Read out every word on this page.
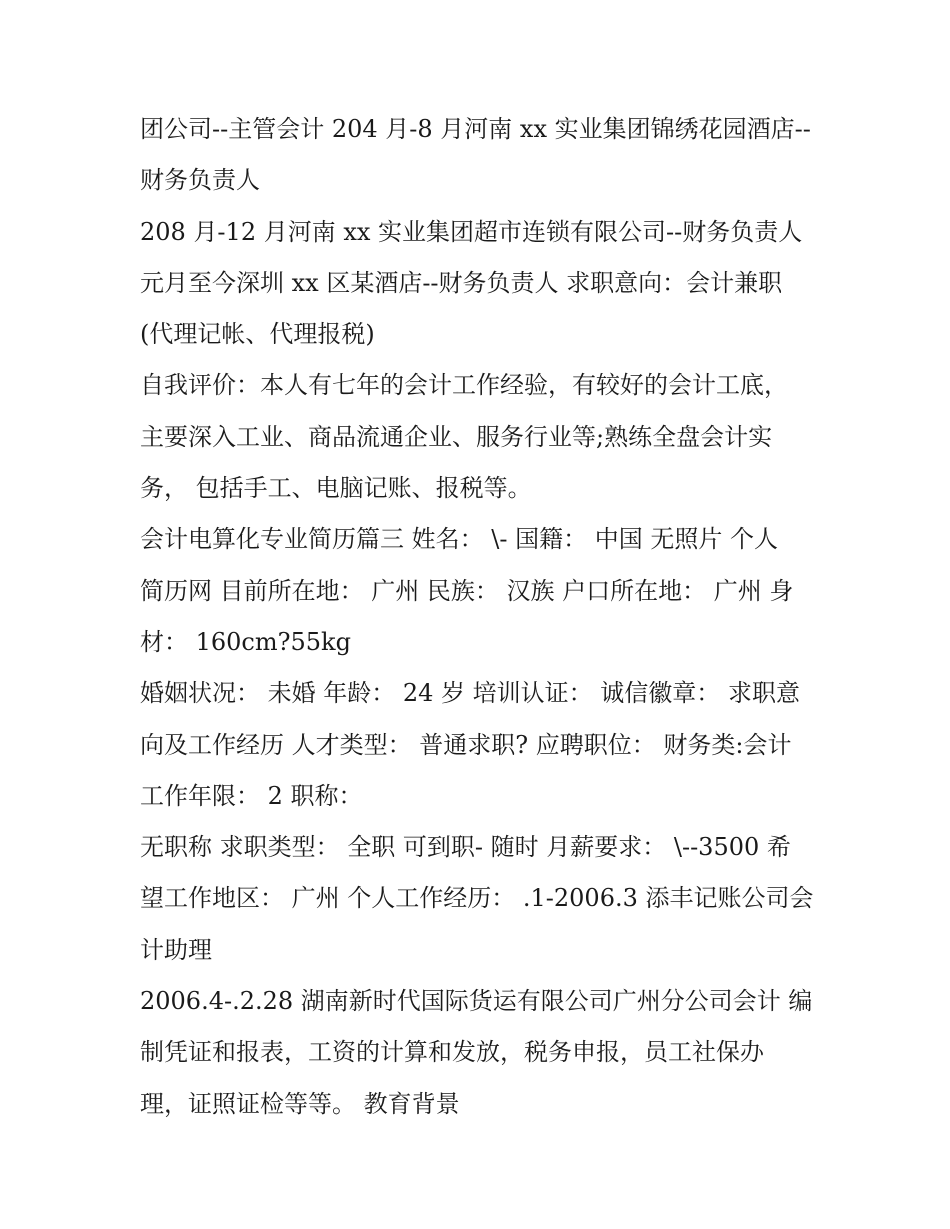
团公司--主管会计 204 月-8 月河南 xx 实业集团锦绣花园酒店--
财务负责人
208 月-12 月河南 xx 实业集团超市连锁有限公司--财务负责人
元月至今深圳 xx 区某酒店--财务负责人 求职意向：会计兼职
(代理记帐、代理报税)
自我评价：本人有七年的会计工作经验，有较好的会计工底，
主要深入工业、商品流通企业、服务行业等;熟练全盘会计实
务， 包括手工、电脑记账、报税等。
会计电算化专业简历篇三 姓名： \- 国籍： 中国 无照片 个人
简历网 目前所在地： 广州 民族： 汉族 户口所在地： 广州 身
材： 160cm?55kg
婚姻状况： 未婚 年龄： 24 岁 培训认证： 诚信徽章： 求职意
向及工作经历 人才类型： 普通求职? 应聘职位： 财务类:会计
工作年限： 2 职称：
无职称 求职类型： 全职 可到职- 随时 月薪要求： \--3500 希
望工作地区： 广州 个人工作经历： .1-2006.3 添丰记账公司会
计助理
2006.4-.2.28 湖南新时代国际货运有限公司广州分公司会计 编
制凭证和报表，工资的计算和发放，税务申报，员工社保办
理，证照证检等等。 教育背景
